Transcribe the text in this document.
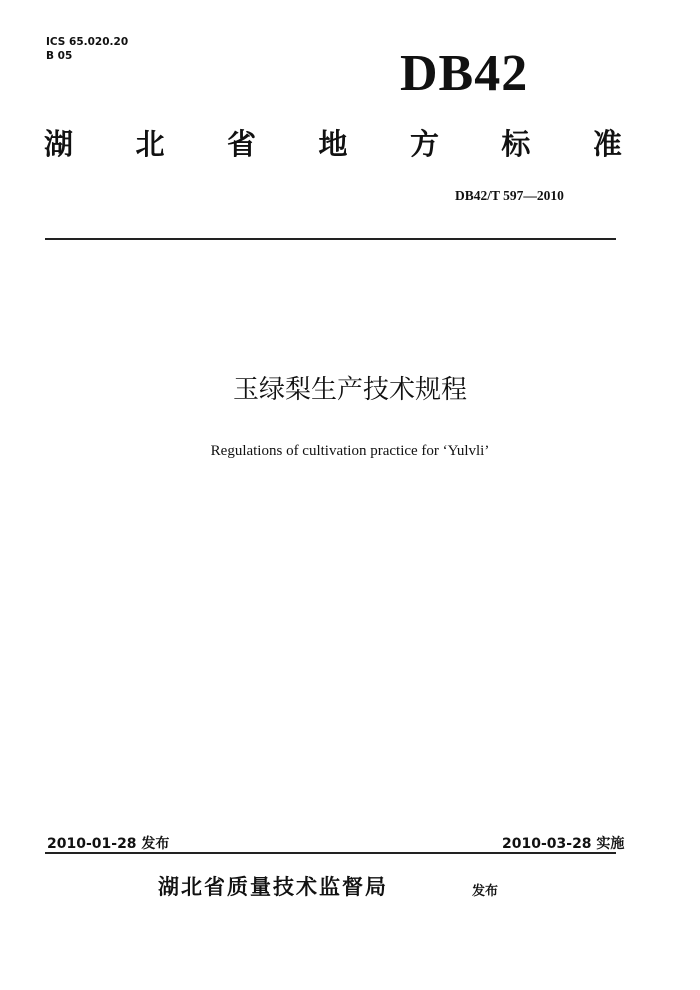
ICS 65.020.20
B 05	DB42
湖 北 省 地 方 标 准
DB42/T 597—2010
玉绿梨生产技术规程
Regulations of cultivation practice for ‘Yulvli’
2010-01-28 发布	2010-03-28 实施
湖北省质量技术监督局	发布
